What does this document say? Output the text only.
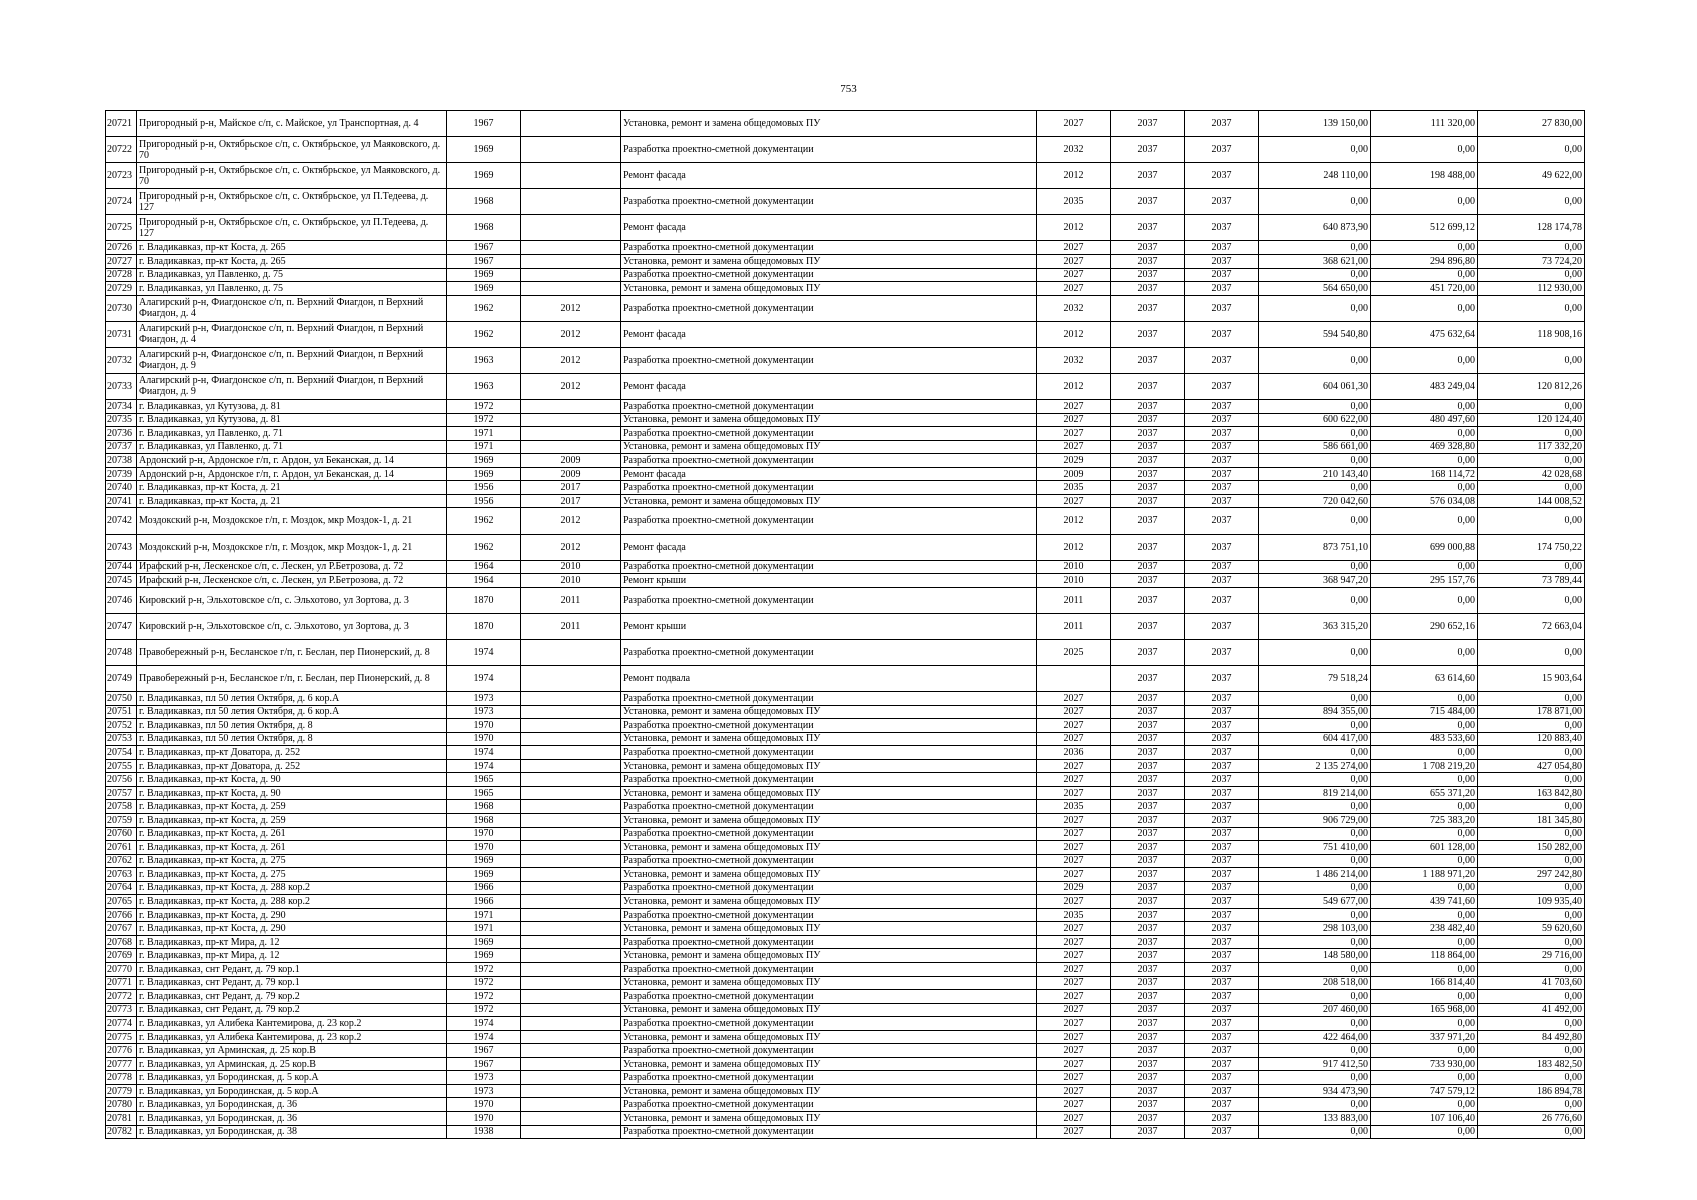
753
20721	Пригородный р-н, Майское с/п, с. Майское, ул Транспортная, д. 4	1967		Установка, ремонт и замена общедомовых ПУ	2027	2037	2037	139 150,00	111 320,00	27 830,00
20722	Пригородный р-н, Октябрьское с/п, с. Октябрьское, ул Маяковского, д. 70	1969		Разработка проектно-сметной документации	2032	2037	2037	0,00	0,00	0,00
20723	Пригородный р-н, Октябрьское с/п, с. Октябрьское, ул Маяковского, д. 70	1969		Ремонт фасада	2012	2037	2037	248 110,00	198 488,00	49 622,00
20724	Пригородный р-н, Октябрьское с/п, с. Октябрьское, ул П.Тедеева, д. 127	1968		Разработка проектно-сметной документации	2035	2037	2037	0,00	0,00	0,00
20725	Пригородный р-н, Октябрьское с/п, с. Октябрьское, ул П.Тедеева, д. 127	1968		Ремонт фасада	2012	2037	2037	640 873,90	512 699,12	128 174,78
20726	г. Владикавказ, пр-кт Коста, д. 265	1967		Разработка проектно-сметной документации	2027	2037	2037	0,00	0,00	0,00
20727	г. Владикавказ, пр-кт Коста, д. 265	1967		Установка, ремонт и замена общедомовых ПУ	2027	2037	2037	368 621,00	294 896,80	73 724,20
20728	г. Владикавказ, ул Павленко, д. 75	1969		Разработка проектно-сметной документации	2027	2037	2037	0,00	0,00	0,00
20729	г. Владикавказ, ул Павленко, д. 75	1969		Установка, ремонт и замена общедомовых ПУ	2027	2037	2037	564 650,00	451 720,00	112 930,00
20730	Алагирский р-н, Фиагдонское с/п, п. Верхний Фиагдон, п Верхний Фиагдон, д. 4	1962	2012	Разработка проектно-сметной документации	2032	2037	2037	0,00	0,00	0,00
20731	Алагирский р-н, Фиагдонское с/п, п. Верхний Фиагдон, п Верхний Фиагдон, д. 4	1962	2012	Ремонт фасада	2012	2037	2037	594 540,80	475 632,64	118 908,16
20732	Алагирский р-н, Фиагдонское с/п, п. Верхний Фиагдон, п Верхний Фиагдон, д. 9	1963	2012	Разработка проектно-сметной документации	2032	2037	2037	0,00	0,00	0,00
20733	Алагирский р-н, Фиагдонское с/п, п. Верхний Фиагдон, п Верхний Фиагдон, д. 9	1963	2012	Ремонт фасада	2012	2037	2037	604 061,30	483 249,04	120 812,26
20734	г. Владикавказ, ул Кутузова, д. 81	1972		Разработка проектно-сметной документации	2027	2037	2037	0,00	0,00	0,00
20735	г. Владикавказ, ул Кутузова, д. 81	1972		Установка, ремонт и замена общедомовых ПУ	2027	2037	2037	600 622,00	480 497,60	120 124,40
20736	г. Владикавказ, ул Павленко, д. 71	1971		Разработка проектно-сметной документации	2027	2037	2037	0,00	0,00	0,00
20737	г. Владикавказ, ул Павленко, д. 71	1971		Установка, ремонт и замена общедомовых ПУ	2027	2037	2037	586 661,00	469 328,80	117 332,20
20738	Ардонский р-н, Ардонское г/п, г. Ардон, ул Беканская, д. 14	1969	2009	Разработка проектно-сметной документации	2029	2037	2037	0,00	0,00	0,00
20739	Ардонский р-н, Ардонское г/п, г. Ардон, ул Беканская, д. 14	1969	2009	Ремонт фасада	2009	2037	2037	210 143,40	168 114,72	42 028,68
20740	г. Владикавказ, пр-кт Коста, д. 21	1956	2017	Разработка проектно-сметной документации	2035	2037	2037	0,00	0,00	0,00
20741	г. Владикавказ, пр-кт Коста, д. 21	1956	2017	Установка, ремонт и замена общедомовых ПУ	2027	2037	2037	720 042,60	576 034,08	144 008,52
20742	Моздокский р-н, Моздокское г/п, г. Моздок, мкр Моздок-1, д. 21	1962	2012	Разработка проектно-сметной документации	2012	2037	2037	0,00	0,00	0,00
20743	Моздокский р-н, Моздокское г/п, г. Моздок, мкр Моздок-1, д. 21	1962	2012	Ремонт фасада	2012	2037	2037	873 751,10	699 000,88	174 750,22
20744	Ирафский р-н, Лескенское с/п, с. Лескен, ул Р.Бетрозова, д. 72	1964	2010	Разработка проектно-сметной документации	2010	2037	2037	0,00	0,00	0,00
20745	Ирафский р-н, Лескенское с/п, с. Лескен, ул Р.Бетрозова, д. 72	1964	2010	Ремонт крыши	2010	2037	2037	368 947,20	295 157,76	73 789,44
20746	Кировский р-н, Эльхотовское с/п, с. Эльхотово, ул Зортова, д. 3	1870	2011	Разработка проектно-сметной документации	2011	2037	2037	0,00	0,00	0,00
20747	Кировский р-н, Эльхотовское с/п, с. Эльхотово, ул Зортова, д. 3	1870	2011	Ремонт крыши	2011	2037	2037	363 315,20	290 652,16	72 663,04
20748	Правобережный р-н, Бесланское г/п, г. Беслан, пер Пионерский, д. 8	1974		Разработка проектно-сметной документации	2025	2037	2037	0,00	0,00	0,00
20749	Правобережный р-н, Бесланское г/п, г. Беслан, пер Пионерский, д. 8	1974		Ремонт подвала		2037	2037	79 518,24	63 614,60	15 903,64
20750	г. Владикавказ, пл 50 летия Октября, д. 6 кор.А	1973		Разработка проектно-сметной документации	2027	2037	2037	0,00	0,00	0,00
20751	г. Владикавказ, пл 50 летия Октября, д. 6 кор.А	1973		Установка, ремонт и замена общедомовых ПУ	2027	2037	2037	894 355,00	715 484,00	178 871,00
20752	г. Владикавказ, пл 50 летия Октября, д. 8	1970		Разработка проектно-сметной документации	2027	2037	2037	0,00	0,00	0,00
20753	г. Владикавказ, пл 50 летия Октября, д. 8	1970		Установка, ремонт и замена общедомовых ПУ	2027	2037	2037	604 417,00	483 533,60	120 883,40
20754	г. Владикавказ, пр-кт Доватора, д. 252	1974		Разработка проектно-сметной документации	2036	2037	2037	0,00	0,00	0,00
20755	г. Владикавказ, пр-кт Доватора, д. 252	1974		Установка, ремонт и замена общедомовых ПУ	2027	2037	2037	2 135 274,00	1 708 219,20	427 054,80
20756	г. Владикавказ, пр-кт Коста, д. 90	1965		Разработка проектно-сметной документации	2027	2037	2037	0,00	0,00	0,00
20757	г. Владикавказ, пр-кт Коста, д. 90	1965		Установка, ремонт и замена общедомовых ПУ	2027	2037	2037	819 214,00	655 371,20	163 842,80
20758	г. Владикавказ, пр-кт Коста, д. 259	1968		Разработка проектно-сметной документации	2035	2037	2037	0,00	0,00	0,00
20759	г. Владикавказ, пр-кт Коста, д. 259	1968		Установка, ремонт и замена общедомовых ПУ	2027	2037	2037	906 729,00	725 383,20	181 345,80
20760	г. Владикавказ, пр-кт Коста, д. 261	1970		Разработка проектно-сметной документации	2027	2037	2037	0,00	0,00	0,00
20761	г. Владикавказ, пр-кт Коста, д. 261	1970		Установка, ремонт и замена общедомовых ПУ	2027	2037	2037	751 410,00	601 128,00	150 282,00
20762	г. Владикавказ, пр-кт Коста, д. 275	1969		Разработка проектно-сметной документации	2027	2037	2037	0,00	0,00	0,00
20763	г. Владикавказ, пр-кт Коста, д. 275	1969		Установка, ремонт и замена общедомовых ПУ	2027	2037	2037	1 486 214,00	1 188 971,20	297 242,80
20764	г. Владикавказ, пр-кт Коста, д. 288 кор.2	1966		Разработка проектно-сметной документации	2029	2037	2037	0,00	0,00	0,00
20765	г. Владикавказ, пр-кт Коста, д. 288 кор.2	1966		Установка, ремонт и замена общедомовых ПУ	2027	2037	2037	549 677,00	439 741,60	109 935,40
20766	г. Владикавказ, пр-кт Коста, д. 290	1971		Разработка проектно-сметной документации	2035	2037	2037	0,00	0,00	0,00
20767	г. Владикавказ, пр-кт Коста, д. 290	1971		Установка, ремонт и замена общедомовых ПУ	2027	2037	2037	298 103,00	238 482,40	59 620,60
20768	г. Владикавказ, пр-кт Мира, д. 12	1969		Разработка проектно-сметной документации	2027	2037	2037	0,00	0,00	0,00
20769	г. Владикавказ, пр-кт Мира, д. 12	1969		Установка, ремонт и замена общедомовых ПУ	2027	2037	2037	148 580,00	118 864,00	29 716,00
20770	г. Владикавказ, снт Редант, д. 79 кор.1	1972		Разработка проектно-сметной документации	2027	2037	2037	0,00	0,00	0,00
20771	г. Владикавказ, снт Редант, д. 79 кор.1	1972		Установка, ремонт и замена общедомовых ПУ	2027	2037	2037	208 518,00	166 814,40	41 703,60
20772	г. Владикавказ, снт Редант, д. 79 кор.2	1972		Разработка проектно-сметной документации	2027	2037	2037	0,00	0,00	0,00
20773	г. Владикавказ, снт Редант, д. 79 кор.2	1972		Установка, ремонт и замена общедомовых ПУ	2027	2037	2037	207 460,00	165 968,00	41 492,00
20774	г. Владикавказ, ул Алибека Кантемирова, д. 23 кор.2	1974		Разработка проектно-сметной документации	2027	2037	2037	0,00	0,00	0,00
20775	г. Владикавказ, ул Алибека Кантемирова, д. 23 кор.2	1974		Установка, ремонт и замена общедомовых ПУ	2027	2037	2037	422 464,00	337 971,20	84 492,80
20776	г. Владикавказ, ул Арминская, д. 25 кор.В	1967		Разработка проектно-сметной документации	2027	2037	2037	0,00	0,00	0,00
20777	г. Владикавказ, ул Арминская, д. 25 кор.В	1967		Установка, ремонт и замена общедомовых ПУ	2027	2037	2037	917 412,50	733 930,00	183 482,50
20778	г. Владикавказ, ул Бородинская, д. 5 кор.А	1973		Разработка проектно-сметной документации	2027	2037	2037	0,00	0,00	0,00
20779	г. Владикавказ, ул Бородинская, д. 5 кор.А	1973		Установка, ремонт и замена общедомовых ПУ	2027	2037	2037	934 473,90	747 579,12	186 894,78
20780	г. Владикавказ, ул Бородинская, д. 36	1970		Разработка проектно-сметной документации	2027	2037	2037	0,00	0,00	0,00
20781	г. Владикавказ, ул Бородинская, д. 36	1970		Установка, ремонт и замена общедомовых ПУ	2027	2037	2037	133 883,00	107 106,40	26 776,60
20782	г. Владикавказ, ул Бородинская, д. 38	1938		Разработка проектно-сметной документации	2027	2037	2037	0,00	0,00	0,00
